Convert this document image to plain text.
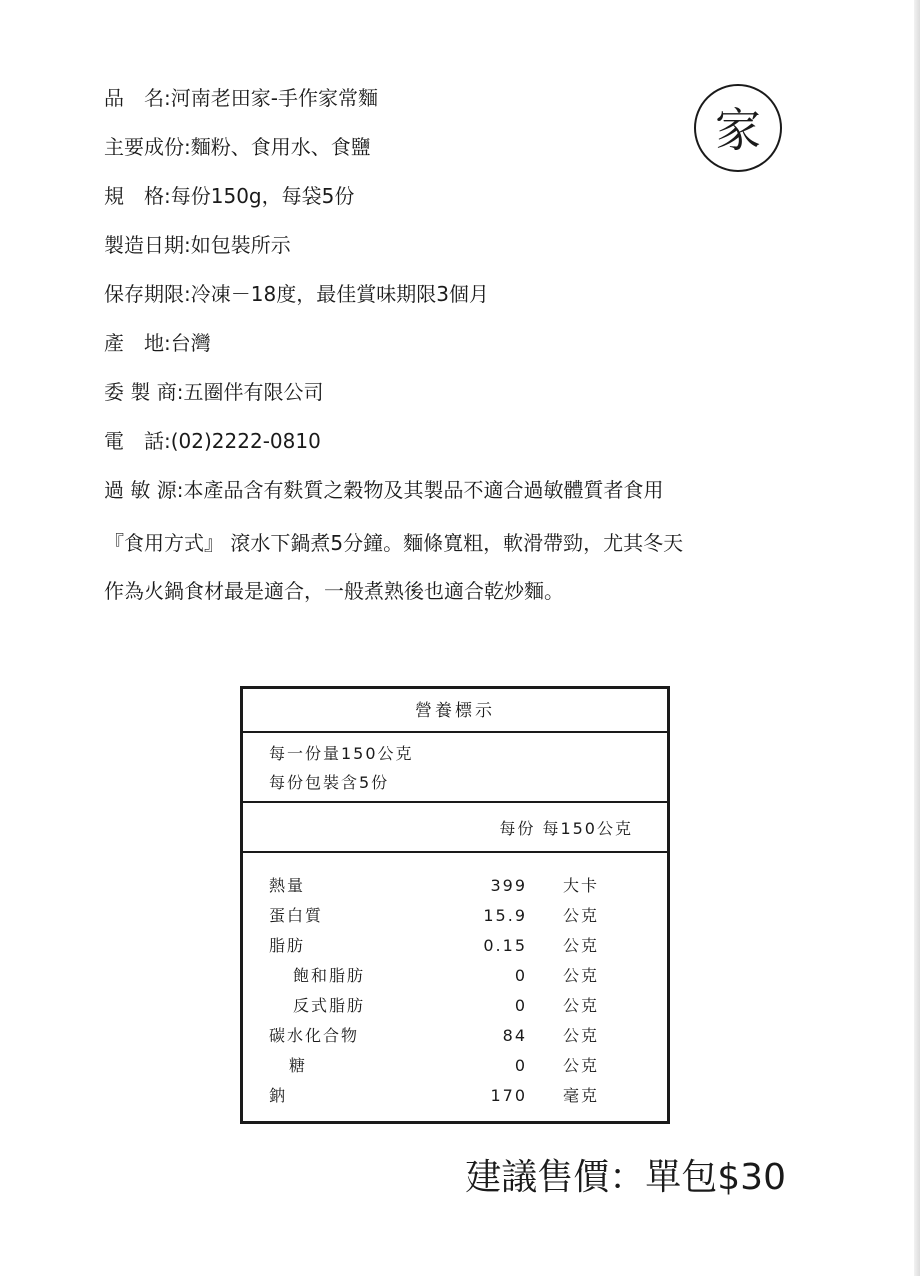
品　名:河南老田家-手作家常麵
主要成份:麵粉、食用水、食鹽
規　格:每份150g，每袋5份
製造日期:如包裝所示
保存期限:冷凍－18度，最佳賞味期限3個月
產　地:台灣
委 製 商:五圈伴有限公司
電　話:(02)2222-0810
過 敏 源:本產品含有麩質之穀物及其製品不適合過敏體質者食用
『食用方式』 滾水下鍋煮5分鐘。麵條寬粗，軟滑帶勁，尤其冬天
作為火鍋食材最是適合，一般煮熟後也適合乾炒麵。
家
營養標示
每一份量150公克
每份包裝含5份
每份 每150公克
熱量	399 大卡
蛋白質	15.9 公克
脂肪	0.15 公克
飽和脂肪	0 公克
反式脂肪	0 公克
碳水化合物	84 公克
糖	0 公克
鈉	170 毫克
建議售價：單包$30
